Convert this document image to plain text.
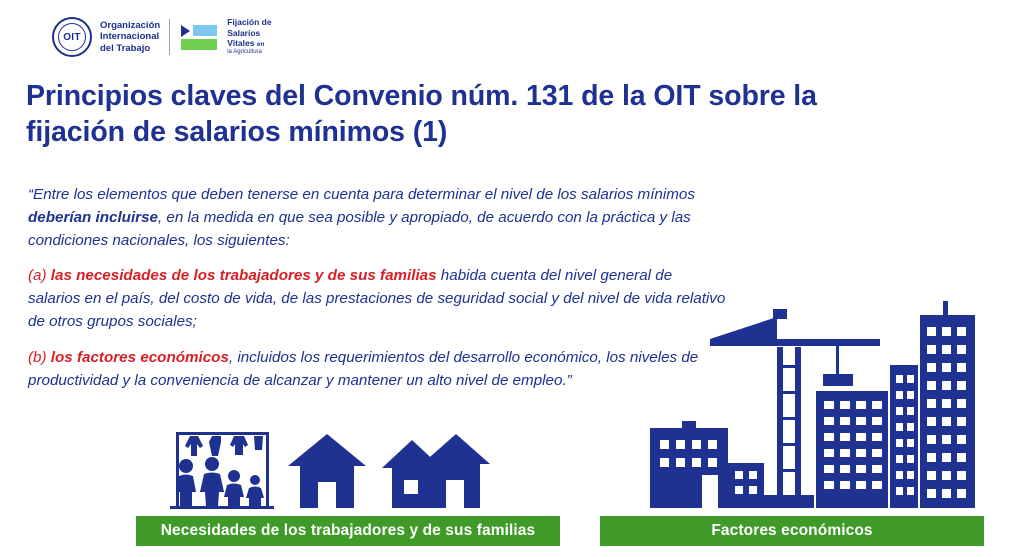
OIT
Organización
Internacional
del Trabajo
Fijación de
Salarios
Vitales en
la Agricultura
Principios claves del Convenio núm. 131 de la OIT sobre la fijación de salarios mínimos (1)

“Entre los elementos que deben tenerse en cuenta para determinar el nivel de los salarios mínimos deberían incluirse, en la medida en que sea posible y apropiado, de acuerdo con la práctica y las condiciones nacionales, los siguientes:

(a) las necesidades de los trabajadores y de sus familias habida cuenta del nivel general de salarios en el país, del costo de vida, de las prestaciones de seguridad social y del nivel de vida relativo de otros grupos sociales;

(b) los factores económicos, incluidos los requerimientos del desarrollo económico, los niveles de productividad y la conveniencia de alcanzar y mantener un alto nivel de empleo.”

Necesidades de los trabajadores y de sus familias	Factores económicos
